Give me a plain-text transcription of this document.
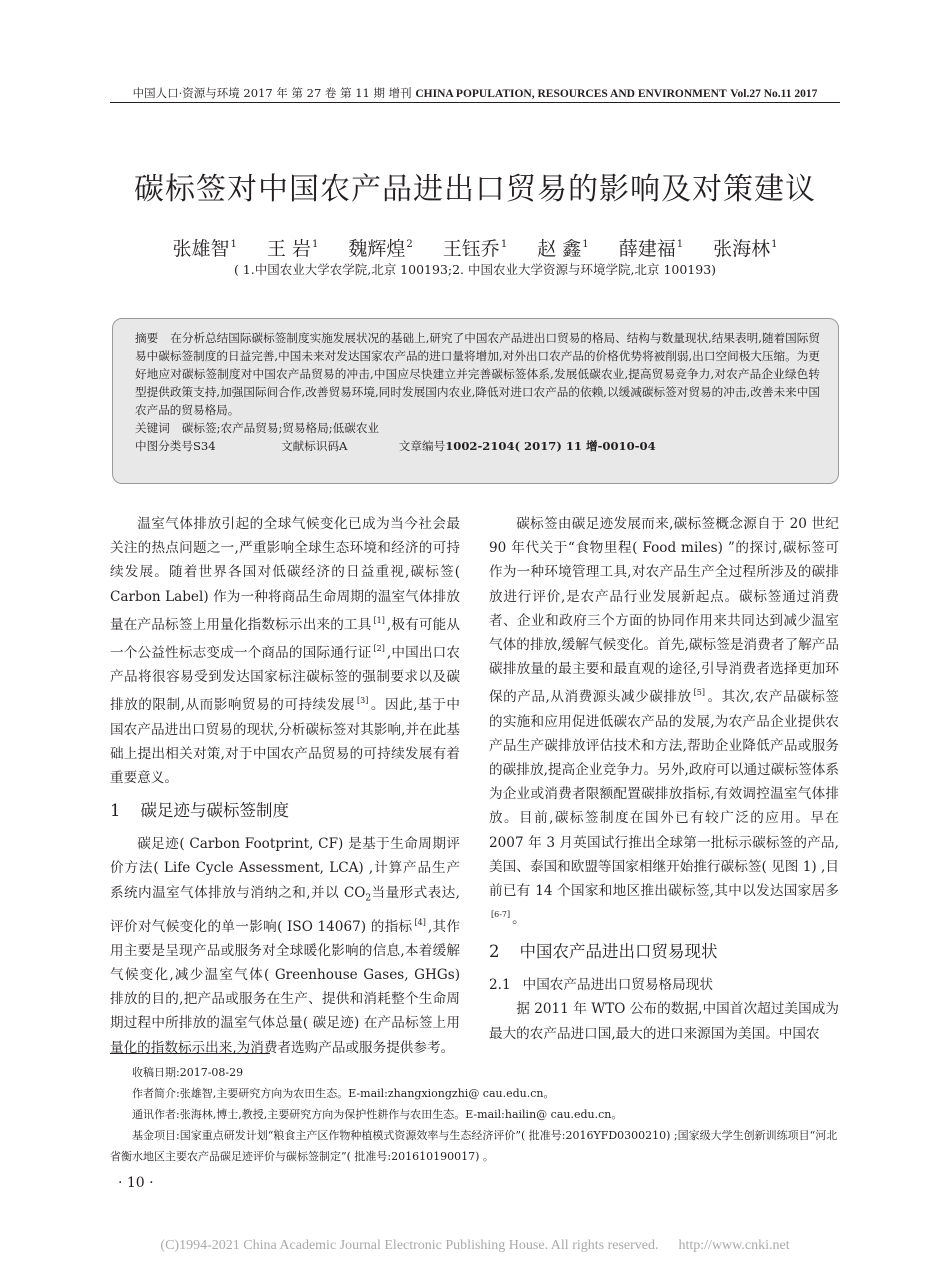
中国人口·资源与环境 2017 年 第 27 卷 第 11 期 增刊 CHINA POPULATION, RESOURCES AND ENVIRONMENT Vol.27 No.11 2017
碳标签对中国农产品进出口贸易的影响及对策建议
张雄智$^1$ 王 岩$^1$ 魏辉煌$^2$ 王钰乔$^1$ 赵 鑫$^1$ 薛建福$^1$ 张海林$^1$
( 1.中国农业大学农学院,北京 100193;2. 中国农业大学资源与环境学院,北京 100193)

摘要 在分析总结国际碳标签制度实施发展状况的基础上,研究了中国农产品进出口贸易的格局、结构与数量现状,结果表明,随着国际贸易中碳标签制度的日益完善,中国未来对发达国家农产品的进口量将增加,对外出口农产品的价格优势将被削弱,出口空间极大压缩。为更好地应对碳标签制度对中国农产品贸易的冲击,中国应尽快建立并完善碳标签体系,发展低碳农业,提高贸易竞争力,对农产品企业绿色转型提供政策支持,加强国际间合作,改善贸易环境,同时发展国内农业,降低对进口农产品的依赖,以缓减碳标签对贸易的冲击,改善未来中国农产品的贸易格局。

关键词 碳标签;农产品贸易;贸易格局;低碳农业

中图分类号S34	文献标识码A	文章编号1002-2104( 2017) 11 增-0010-04

温室气体排放引起的全球气候变化已成为当今社会最关注的热点问题之一,严重影响全球生态环境和经济的可持续发展。随着世界各国对低碳经济的日益重视,碳标签( Carbon Label) 作为一种将商品生命周期的温室气体排放量在产品标签上用量化指数标示出来的工具 [1] ,极有可能从一个公益性标志变成一个商品的国际通行证 [2] ,中国出口农产品将很容易受到发达国家标注碳标签的强制要求以及碳排放的限制,从而影响贸易的可持续发展 [3] 。因此,基于中国农产品进出口贸易的现状,分析碳标签对其影响,并在此基础上提出相关对策,对于中国农产品贸易的可持续发展有着重要意义。

1 碳足迹与碳标签制度

碳足迹( Carbon Footprint, CF) 是基于生命周期评价方法( Life Cycle Assessment, LCA) ,计算产品生产系统内温室气体排放与消纳之和,并以 $CO_2$当量形式表达,评价对气候变化的单一影响( ISO 14067) 的指标 [4] ,其作用主要是呈现产品或服务对全球暖化影响的信息,本着缓解气候变化,减少温室气体( Greenhouse Gases, GHGs) 排放的目的,把产品或服务在生产、提供和消耗整个生命周期过程中所排放的温室气体总量( 碳足迹) 在产品标签上用量化的指数标示出来,为消费者选购产品或服务提供参考。

碳标签由碳足迹发展而来,碳标签概念源自于 20 世纪 90 年代关于“食物里程( Food miles) ”的探讨,碳标签可作为一种环境管理工具,对农产品生产全过程所涉及的碳排放进行评价,是农产品行业发展新起点。碳标签通过消费者、企业和政府三个方面的协同作用来共同达到减少温室气体的排放,缓解气候变化。首先,碳标签是消费者了解产品碳排放量的最主要和最直观的途径,引导消费者选择更加环保的产品,从消费源头减少碳排放 [5] 。其次,农产品碳标签的实施和应用促进低碳农产品的发展,为农产品企业提供农产品生产碳排放评估技术和方法,帮助企业降低产品或服务的碳排放,提高企业竞争力。另外,政府可以通过碳标签体系为企业或消费者限额配置碳排放指标,有效调控温室气体排放。目前,碳标签制度在国外已有较广泛的应用。早在 2007 年 3 月英国试行推出全球第一批标示碳标签的产品,美国、泰国和欧盟等国家相继开始推行碳标签( 见图 1) ,目前已有 14 个国家和地区推出碳标签,其中以发达国家居多[6-7] 。

2 中国农产品进出口贸易现状
2.1 中国农产品进出口贸易格局现状

据 2011 年 WTO 公布的数据,中国首次超过美国成为最大的农产品进口国,最大的进口来源国为美国。中国农

收稿日期:2017-08-29

作者简介:张雄智,主要研究方向为农田生态。E-mail:zhangxiongzhi@ cau.edu.cn。

通讯作者:张海林,博士,教授,主要研究方向为保护性耕作与农田生态。E-mail:hailin@ cau.edu.cn。

基金项目:国家重点研发计划“粮食主产区作物种植模式资源效率与生态经济评价”( 批准号:2016YFD0300210) ;国家级大学生创新训练项目“河北省衡水地区主要农产品碳足迹评价与碳标签制定”( 批准号:201610190017) 。

· 10 ·
(C)1994-2021 China Academic Journal Electronic Publishing House. All rights reserved. http://www.cnki.net
